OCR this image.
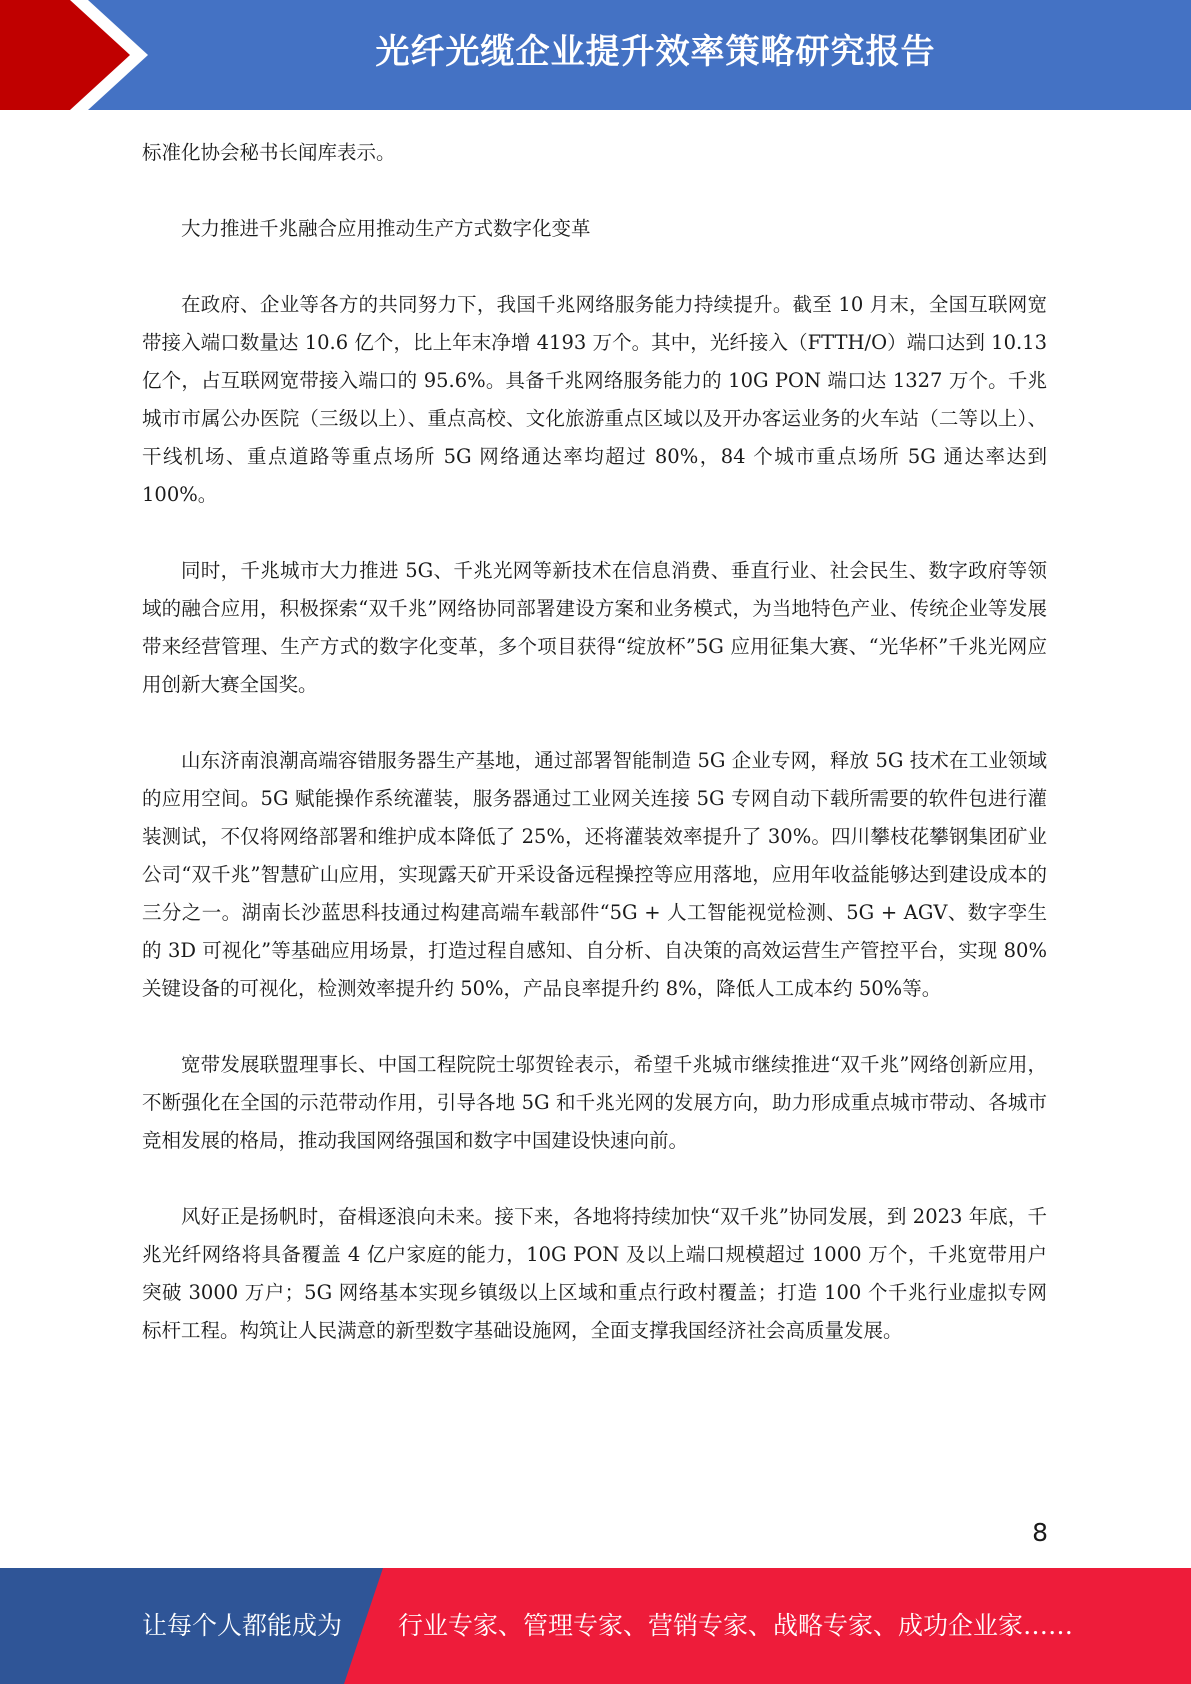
光纤光缆企业提升效率策略研究报告

标准化协会秘书长闻库表示。

大力推进千兆融合应用推动生产方式数字化变革

在政府、企业等各方的共同努力下，我国千兆网络服务能力持续提升。截至 10 月末，全国互联网宽带接入端口数量达 10.6 亿个，比上年末净增 4193 万个。其中，光纤接入（FTTH/O）端口达到 10.13 亿个，占互联网宽带接入端口的 95.6%。具备千兆网络服务能力的 10G PON 端口达 1327 万个。千兆城市市属公办医院（三级以上）、重点高校、文化旅游重点区域以及开办客运业务的火车站（二等以上）、干线机场、重点道路等重点场所 5G 网络通达率均超过 80%，84 个城市重点场所 5G 通达率达到 100%。

同时，千兆城市大力推进 5G、千兆光网等新技术在信息消费、垂直行业、社会民生、数字政府等领域的融合应用，积极探索“双千兆”网络协同部署建设方案和业务模式，为当地特色产业、传统企业等发展带来经营管理、生产方式的数字化变革，多个项目获得“绽放杯”5G 应用征集大赛、“光华杯”千兆光网应用创新大赛全国奖。

山东济南浪潮高端容错服务器生产基地，通过部署智能制造 5G 企业专网，释放 5G 技术在工业领域的应用空间。5G 赋能操作系统灌装，服务器通过工业网关连接 5G 专网自动下载所需要的软件包进行灌装测试，不仅将网络部署和维护成本降低了 25%，还将灌装效率提升了 30%。四川攀枝花攀钢集团矿业公司“双千兆”智慧矿山应用，实现露天矿开采设备远程操控等应用落地，应用年收益能够达到建设成本的三分之一。湖南长沙蓝思科技通过构建高端车载部件“5G + 人工智能视觉检测、5G + AGV、数字孪生的 3D 可视化”等基础应用场景，打造过程自感知、自分析、自决策的高效运营生产管控平台，实现 80%关键设备的可视化，检测效率提升约 50%，产品良率提升约 8%，降低人工成本约 50%等。

宽带发展联盟理事长、中国工程院院士邬贺铨表示，希望千兆城市继续推进“双千兆”网络创新应用，不断强化在全国的示范带动作用，引导各地 5G 和千兆光网的发展方向，助力形成重点城市带动、各城市竞相发展的格局，推动我国网络强国和数字中国建设快速向前。

风好正是扬帆时，奋楫逐浪向未来。接下来，各地将持续加快“双千兆”协同发展，到 2023 年底，千兆光纤网络将具备覆盖 4 亿户家庭的能力，10G PON 及以上端口规模超过 1000 万个，千兆宽带用户突破 3000 万户；5G 网络基本实现乡镇级以上区域和重点行政村覆盖；打造 100 个千兆行业虚拟专网标杆工程。构筑让人民满意的新型数字基础设施网，全面支撑我国经济社会高质量发展。

8
让每个人都能成为 行业专家、管理专家、营销专家、战略专家、成功企业家……
